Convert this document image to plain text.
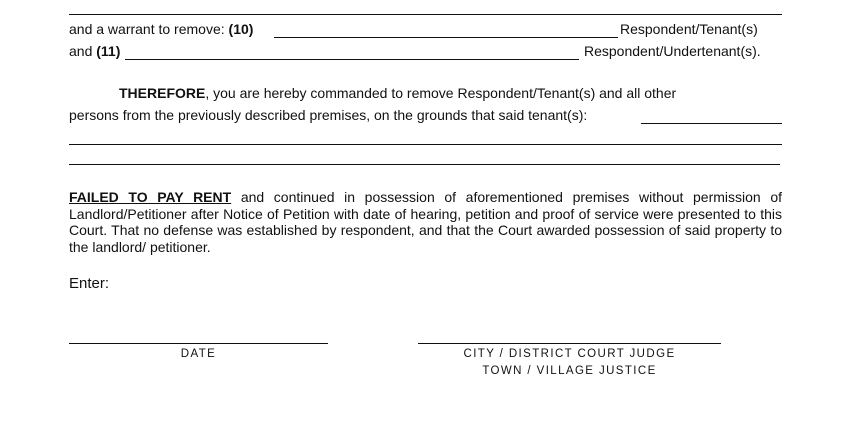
and a warrant to remove: (10)	Respondent/Tenant(s)
and (11)	Respondent/Undertenant(s).
THEREFORE, you are hereby commanded to remove Respondent/Tenant(s) and all other
persons from the previously described premises, on the grounds that said tenant(s):
FAILED TO PAY RENT and continued in possession of aforementioned premises without permission of Landlord/Petitioner after Notice of Petition with date of hearing, petition and proof of service were presented to this Court. That no defense was established by respondent, and that the Court awarded possession of said property to the landlord/ petitioner.
Enter:
DATE	CITY / DISTRICT COURT JUDGE
TOWN / VILLAGE JUSTICE
